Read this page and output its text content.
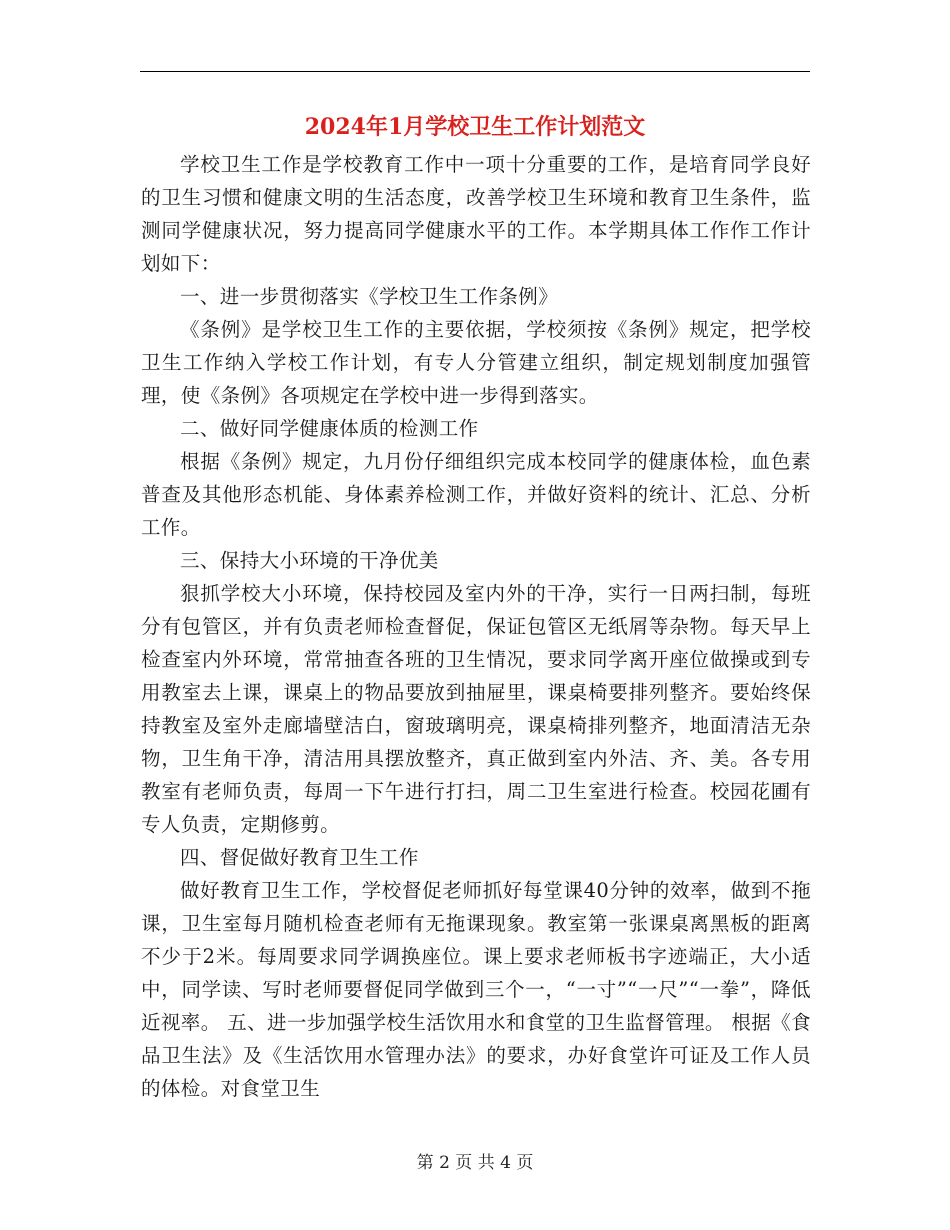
2024年1月学校卫生工作计划范文

学校卫生工作是学校教育工作中一项十分重要的工作，是培育同学良好的卫生习惯和健康文明的生活态度，改善学校卫生环境和教育卫生条件，监测同学健康状况，努力提高同学健康水平的工作。本学期具体工作作工作计划如下：

一、进一步贯彻落实《学校卫生工作条例》

《条例》是学校卫生工作的主要依据，学校须按《条例》规定，把学校卫生工作纳入学校工作计划，有专人分管建立组织，制定规划制度加强管理，使《条例》各项规定在学校中进一步得到落实。

二、做好同学健康体质的检测工作

根据《条例》规定，九月份仔细组织完成本校同学的健康体检，血色素普查及其他形态机能、身体素养检测工作，并做好资料的统计、汇总、分析工作。

三、保持大小环境的干净优美

狠抓学校大小环境，保持校园及室内外的干净，实行一日两扫制，每班分有包管区，并有负责老师检查督促，保证包管区无纸屑等杂物。每天早上检查室内外环境，常常抽查各班的卫生情况，要求同学离开座位做操或到专用教室去上课，课桌上的物品要放到抽屉里，课桌椅要排列整齐。要始终保持教室及室外走廊墙壁洁白，窗玻璃明亮，课桌椅排列整齐，地面清洁无杂物，卫生角干净，清洁用具摆放整齐，真正做到室内外洁、齐、美。各专用教室有老师负责，每周一下午进行打扫，周二卫生室进行检查。校园花圃有专人负责，定期修剪。

四、督促做好教育卫生工作

做好教育卫生工作，学校督促老师抓好每堂课40分钟的效率，做到不拖课，卫生室每月随机检查老师有无拖课现象。教室第一张课桌离黑板的距离不少于2米。每周要求同学调换座位。课上要求老师板书字迹端正，大小适中，同学读、写时老师要督促同学做到三个一，“一寸”“一尺”“一拳”，降低近视率。 五、进一步加强学校生活饮用水和食堂的卫生监督管理。 根据《食品卫生法》及《生活饮用水管理办法》的要求，办好食堂许可证及工作人员的体检。对食堂卫生

第 2 页 共 4 页
